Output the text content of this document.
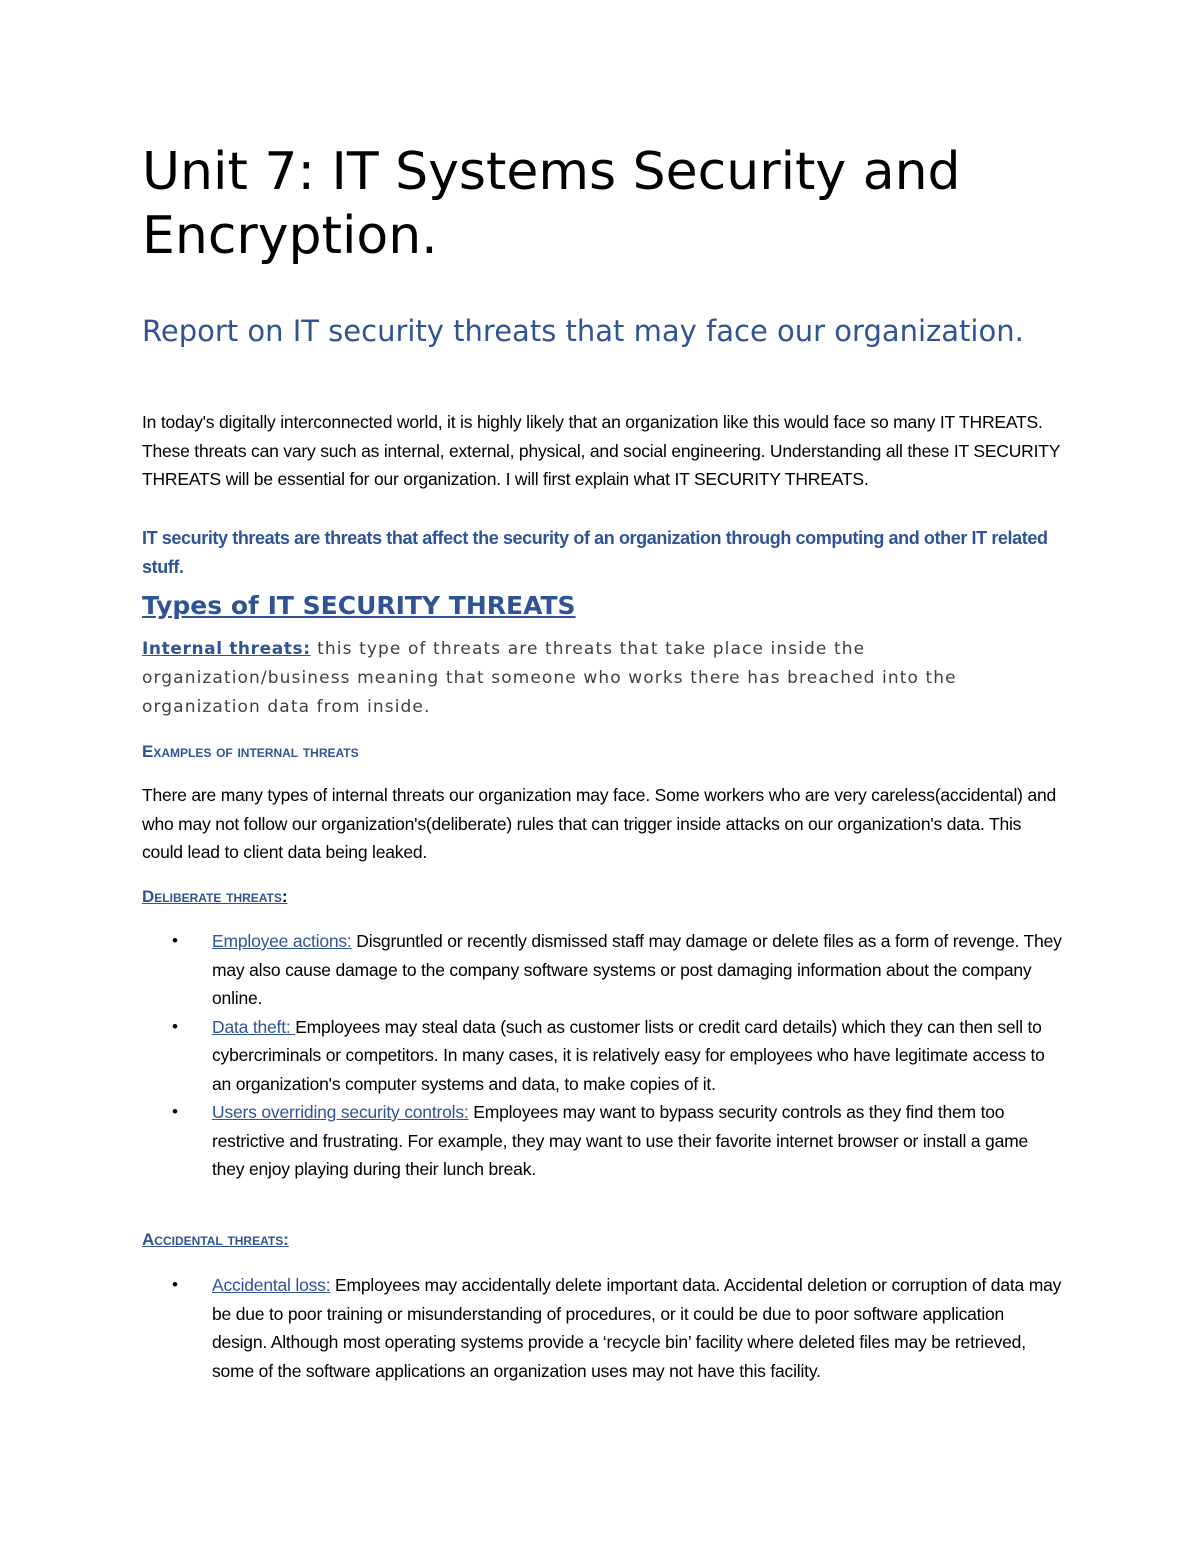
Unit 7: IT Systems Security and Encryption.
Report on IT security threats that may face our organization.

In today's digitally interconnected world, it is highly likely that an organization like this would face so many IT THREATS. These threats can vary such as internal, external, physical, and social engineering. Understanding all these IT SECURITY THREATS will be essential for our organization. I will first explain what IT SECURITY THREATS.

IT security threats are threats that affect the security of an organization through computing and other IT related stuff.

Types of IT SECURITY THREATS

Internal threats: this type of threats are threats that take place inside the organization/business meaning that someone who works there has breached into the organization data from inside.

Examples of internal threats

There are many types of internal threats our organization may face. Some workers who are very careless(accidental) and who may not follow our organization's(deliberate) rules that can trigger inside attacks on our organization's data. This could lead to client data being leaked.

Deliberate threats:
• Employee actions: Disgruntled or recently dismissed staff may damage or delete files as a form of revenge. They may also cause damage to the company software systems or post damaging information about the company online.
• Data theft: Employees may steal data (such as customer lists or credit card details) which they can then sell to cybercriminals or competitors. In many cases, it is relatively easy for employees who have legitimate access to an organization's computer systems and data, to make copies of it.
• Users overriding security controls: Employees may want to bypass security controls as they find them too restrictive and frustrating. For example, they may want to use their favorite internet browser or install a game they enjoy playing during their lunch break.
Accidental threats:
• Accidental loss: Employees may accidentally delete important data. Accidental deletion or corruption of data may be due to poor training or misunderstanding of procedures, or it could be due to poor software application design. Although most operating systems provide a ‘recycle bin’ facility where deleted files may be retrieved, some of the software applications an organization uses may not have this facility.
